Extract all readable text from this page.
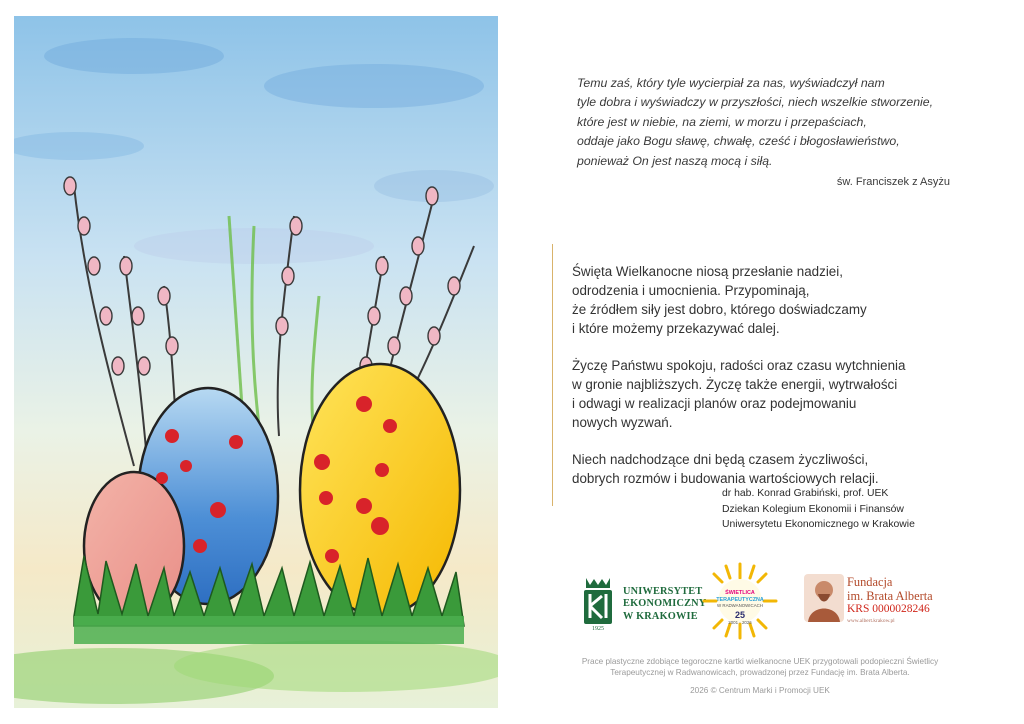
Temu zaś, który tyle wycierpiał za nas, wyświadczył nam
tyle dobra i wyświadczy w przyszłości, niech wszelkie stworzenie,
które jest w niebie, na ziemi, w morzu i przepaściach,
oddaje jako Bogu sławę, chwałę, cześć i błogosławieństwo,
ponieważ On jest naszą mocą i siłą.
św. Franciszek z Asyżu

Święta Wielkanocne niosą przesłanie nadziei,
odrodzenia i umocnienia. Przypominają,
że źródłem siły jest dobro, którego doświadczamy
i które możemy przekazywać dalej.

Życzę Państwu spokoju, radości oraz czasu wytchnienia
w gronie najbliższych. Życzę także energii, wytrwałości
i odwagi w realizacji planów oraz podejmowaniu
nowych wyzwań.

Niech nadchodzące dni będą czasem życzliwości,
dobrych rozmów i budowania wartościowych relacji.

dr hab. Konrad Grabiński, prof. UEK
Dziekan Kolegium Ekonomii i Finansów
Uniwersytetu Ekonomicznego w Krakowie
1925
UNIWERSYTET
EKONOMICZNY
W KRAKOWIE
ŚWIETLICA
TERAPEUTYCZNA
W RADWANOWICACH
25
2001 - 2026
Fundacja
im. Brata Alberta
KRS 0000028246
www.albert.krakow.pl
Prace plastyczne zdobiące tegoroczne kartki wielkanocne UEK przygotowali podopieczni Świetlicy
Terapeutycznej w Radwanowicach, prowadzonej przez Fundację im. Brata Alberta.
2026 © Centrum Marki i Promocji UEK
